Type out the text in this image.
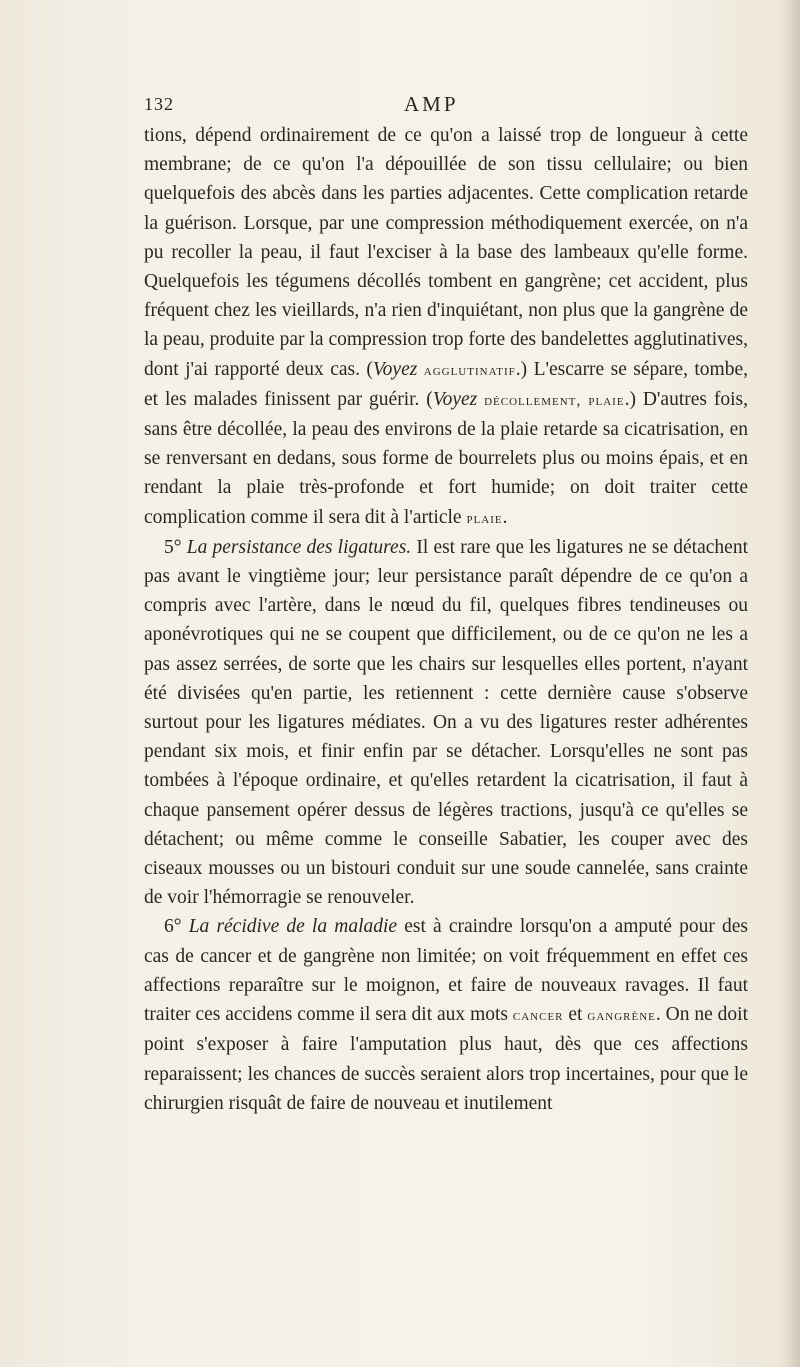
132	AMP

tions, dépend ordinairement de ce qu'on a laissé trop de longueur à cette membrane; de ce qu'on l'a dépouillée de son tissu cellulaire; ou bien quelquefois des abcès dans les parties adjacentes. Cette complication retarde la guérison. Lorsque, par une compression méthodiquement exercée, on n'a pu recoller la peau, il faut l'exciser à la base des lambeaux qu'elle forme. Quelquefois les tégumens décollés tombent en gangrène; cet accident, plus fréquent chez les vieillards, n'a rien d'inquiétant, non plus que la gangrène de la peau, produite par la compression trop forte des bandelettes agglutinatives, dont j'ai rapporté deux cas. (Voyez agglutinatif.) L'escarre se sépare, tombe, et les malades finissent par guérir. (Voyez décollement, plaie.) D'autres fois, sans être décollée, la peau des environs de la plaie retarde sa cicatrisation, en se renversant en dedans, sous forme de bourrelets plus ou moins épais, et en rendant la plaie très-profonde et fort humide; on doit traiter cette complication comme il sera dit à l'article plaie.

5° La persistance des ligatures. Il est rare que les ligatures ne se détachent pas avant le vingtième jour; leur persistance paraît dépendre de ce qu'on a compris avec l'artère, dans le nœud du fil, quelques fibres tendineuses ou aponévrotiques qui ne se coupent que difficilement, ou de ce qu'on ne les a pas assez serrées, de sorte que les chairs sur lesquelles elles portent, n'ayant été divisées qu'en partie, les retiennent : cette dernière cause s'observe surtout pour les ligatures médiates. On a vu des ligatures rester adhérentes pendant six mois, et finir enfin par se détacher. Lorsqu'elles ne sont pas tombées à l'époque ordinaire, et qu'elles retardent la cicatrisation, il faut à chaque pansement opérer dessus de légères tractions, jusqu'à ce qu'elles se détachent; ou même comme le conseille Sabatier, les couper avec des ciseaux mousses ou un bistouri conduit sur une soude cannelée, sans crainte de voir l'hémorragie se renouveler.

6° La récidive de la maladie est à craindre lorsqu'on a amputé pour des cas de cancer et de gangrène non limitée; on voit fréquemment en effet ces affections reparaître sur le moignon, et faire de nouveaux ravages. Il faut traiter ces accidens comme il sera dit aux mots cancer et gangrène. On ne doit point s'exposer à faire l'amputation plus haut, dès que ces affections reparaissent; les chances de succès seraient alors trop incertaines, pour que le chirurgien risquât de faire de nouveau et inutilement
